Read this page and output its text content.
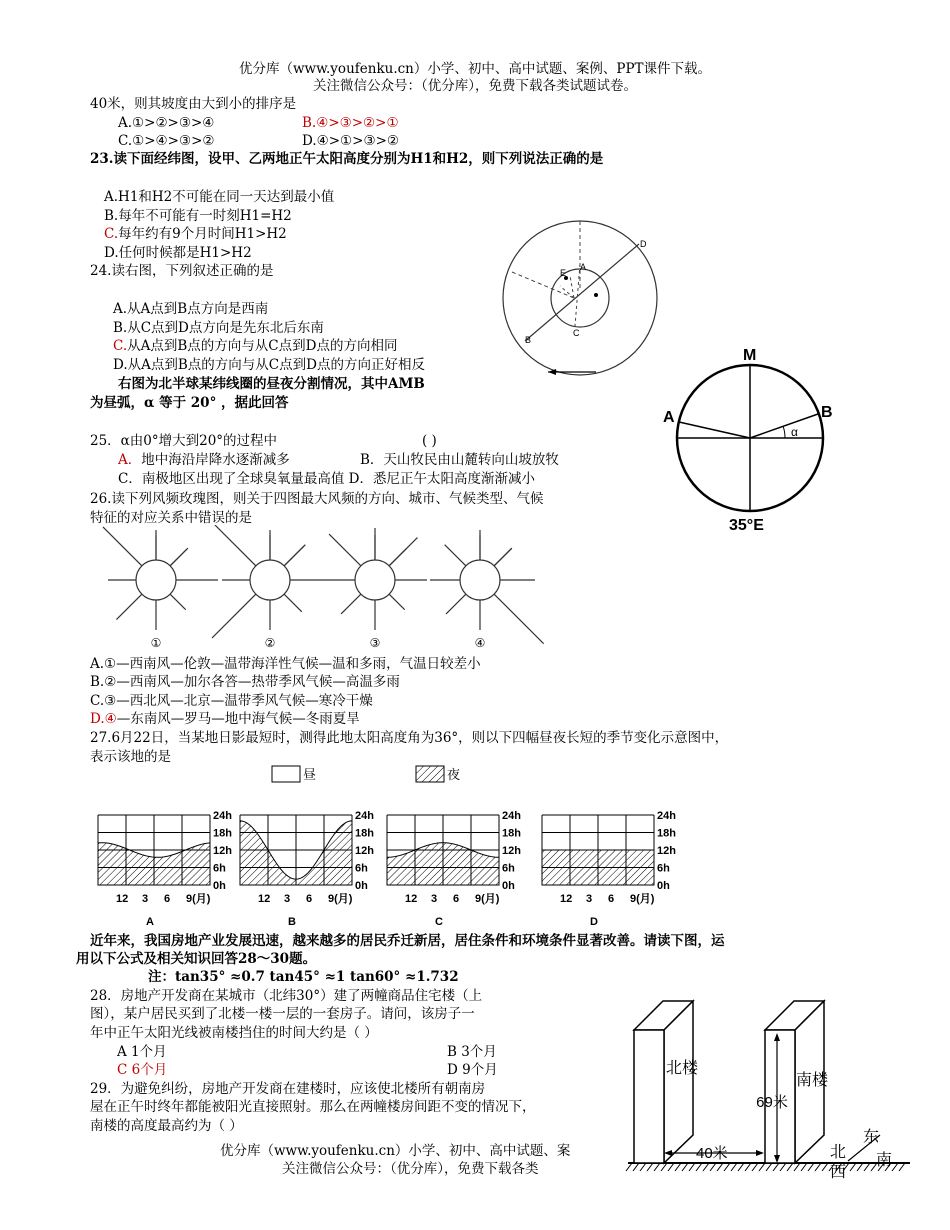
优分库（www.youfenku.cn）小学、初中、高中试题、案例、PPT课件下载。
关注微信公众号：（优分库），免费下载各类试题试卷。
40米，则其坡度由大到小的排序是
A.①>②>③>④	B.④>③>②>①
C.①>④>③>②	D.④>①>③>②
23.读下面经纬图，设甲、乙两地正午太阳高度分别为H1和H2，则下列说法正确的是
A.H1和H2不可能在同一天达到最小值
B.每年不可能有一时刻H1=H2
C.每年约有9个月时间H1>H2
D.任何时候都是H1>H2
24.读右图，下列叙述正确的是
A.从A点到B点方向是西南
B.从C点到D点方向是先东北后东南
C.从A点到B点的方向与从C点到D点的方向相同
D.从A点到B点的方向与从C点到D点的方向正好相反
D
E
A
B
C
右图为北半球某纬线圈的昼夜分割情况，其中AMB
为昼弧，α 等于 20° ，据此回答
M
A	B
α
35°E
25．α由0°增大到20°的过程中	( )
A．地中海沿岸降水逐渐减多	B．天山牧民由山麓转向山坡放牧
C．南极地区出现了全球臭氧量最高值 D．悉尼正午太阳高度渐渐减小
26.读下列风频玫瑰图，则关于四图最大风频的方向、城市、气候类型、气候
特征的对应关系中错误的是
①	②	③	④
A.①—西南风—伦敦—温带海洋性气候—温和多雨，气温日较差小
B.②—西南风—加尔各答—热带季风气候—高温多雨
C.③—西北风—北京—温带季风气候—寒冷干燥
D.④—东南风—罗马—地中海气候—冬雨夏旱
27.6月22日，当某地日影最短时，测得此地太阳高度角为36°，则以下四幅昼夜长短的季节变化示意图中，
表示该地的是
昼	夜
24h
18h
12h
6h
0h
12 3 6 9(月)
A
24h
18h
12h
6h
0h
12 3 6 9(月)
B
24h
18h
12h
6h
0h
12 3 6 9(月)
C
24h
18h
12h
6h
0h
12 3 6 9(月)
D
近年来，我国房地产业发展迅速，越来越多的居民乔迁新居，居住条件和环境条件显著改善。请读下图，运
用以下公式及相关知识回答28～30题。
注：tan35° ≈0.7 tan45° ≈1 tan60° ≈1.732
28．房地产开发商在某城市（北纬30°）建了两幢商品住宅楼（上
图），某户居民买到了北楼一楼一层的一套房子。请问，该房子一
年中正午太阳光线被南楼挡住的时间大约是（ ）
A 1个月	B 3个月
C 6个月	D 9个月
29．为避免纠纷，房地产开发商在建楼时，应该使北楼所有朝南房
屋在正午时终年都能被阳光直接照射。那么在两幢楼房间距不变的情况下，
南楼的高度最高约为（ ）
北楼
南楼
69米
40米
东
南
北
西
优分库（www.youfenku.cn）小学、初中、高中试题、案
关注微信公众号：（优分库），免费下载各类
